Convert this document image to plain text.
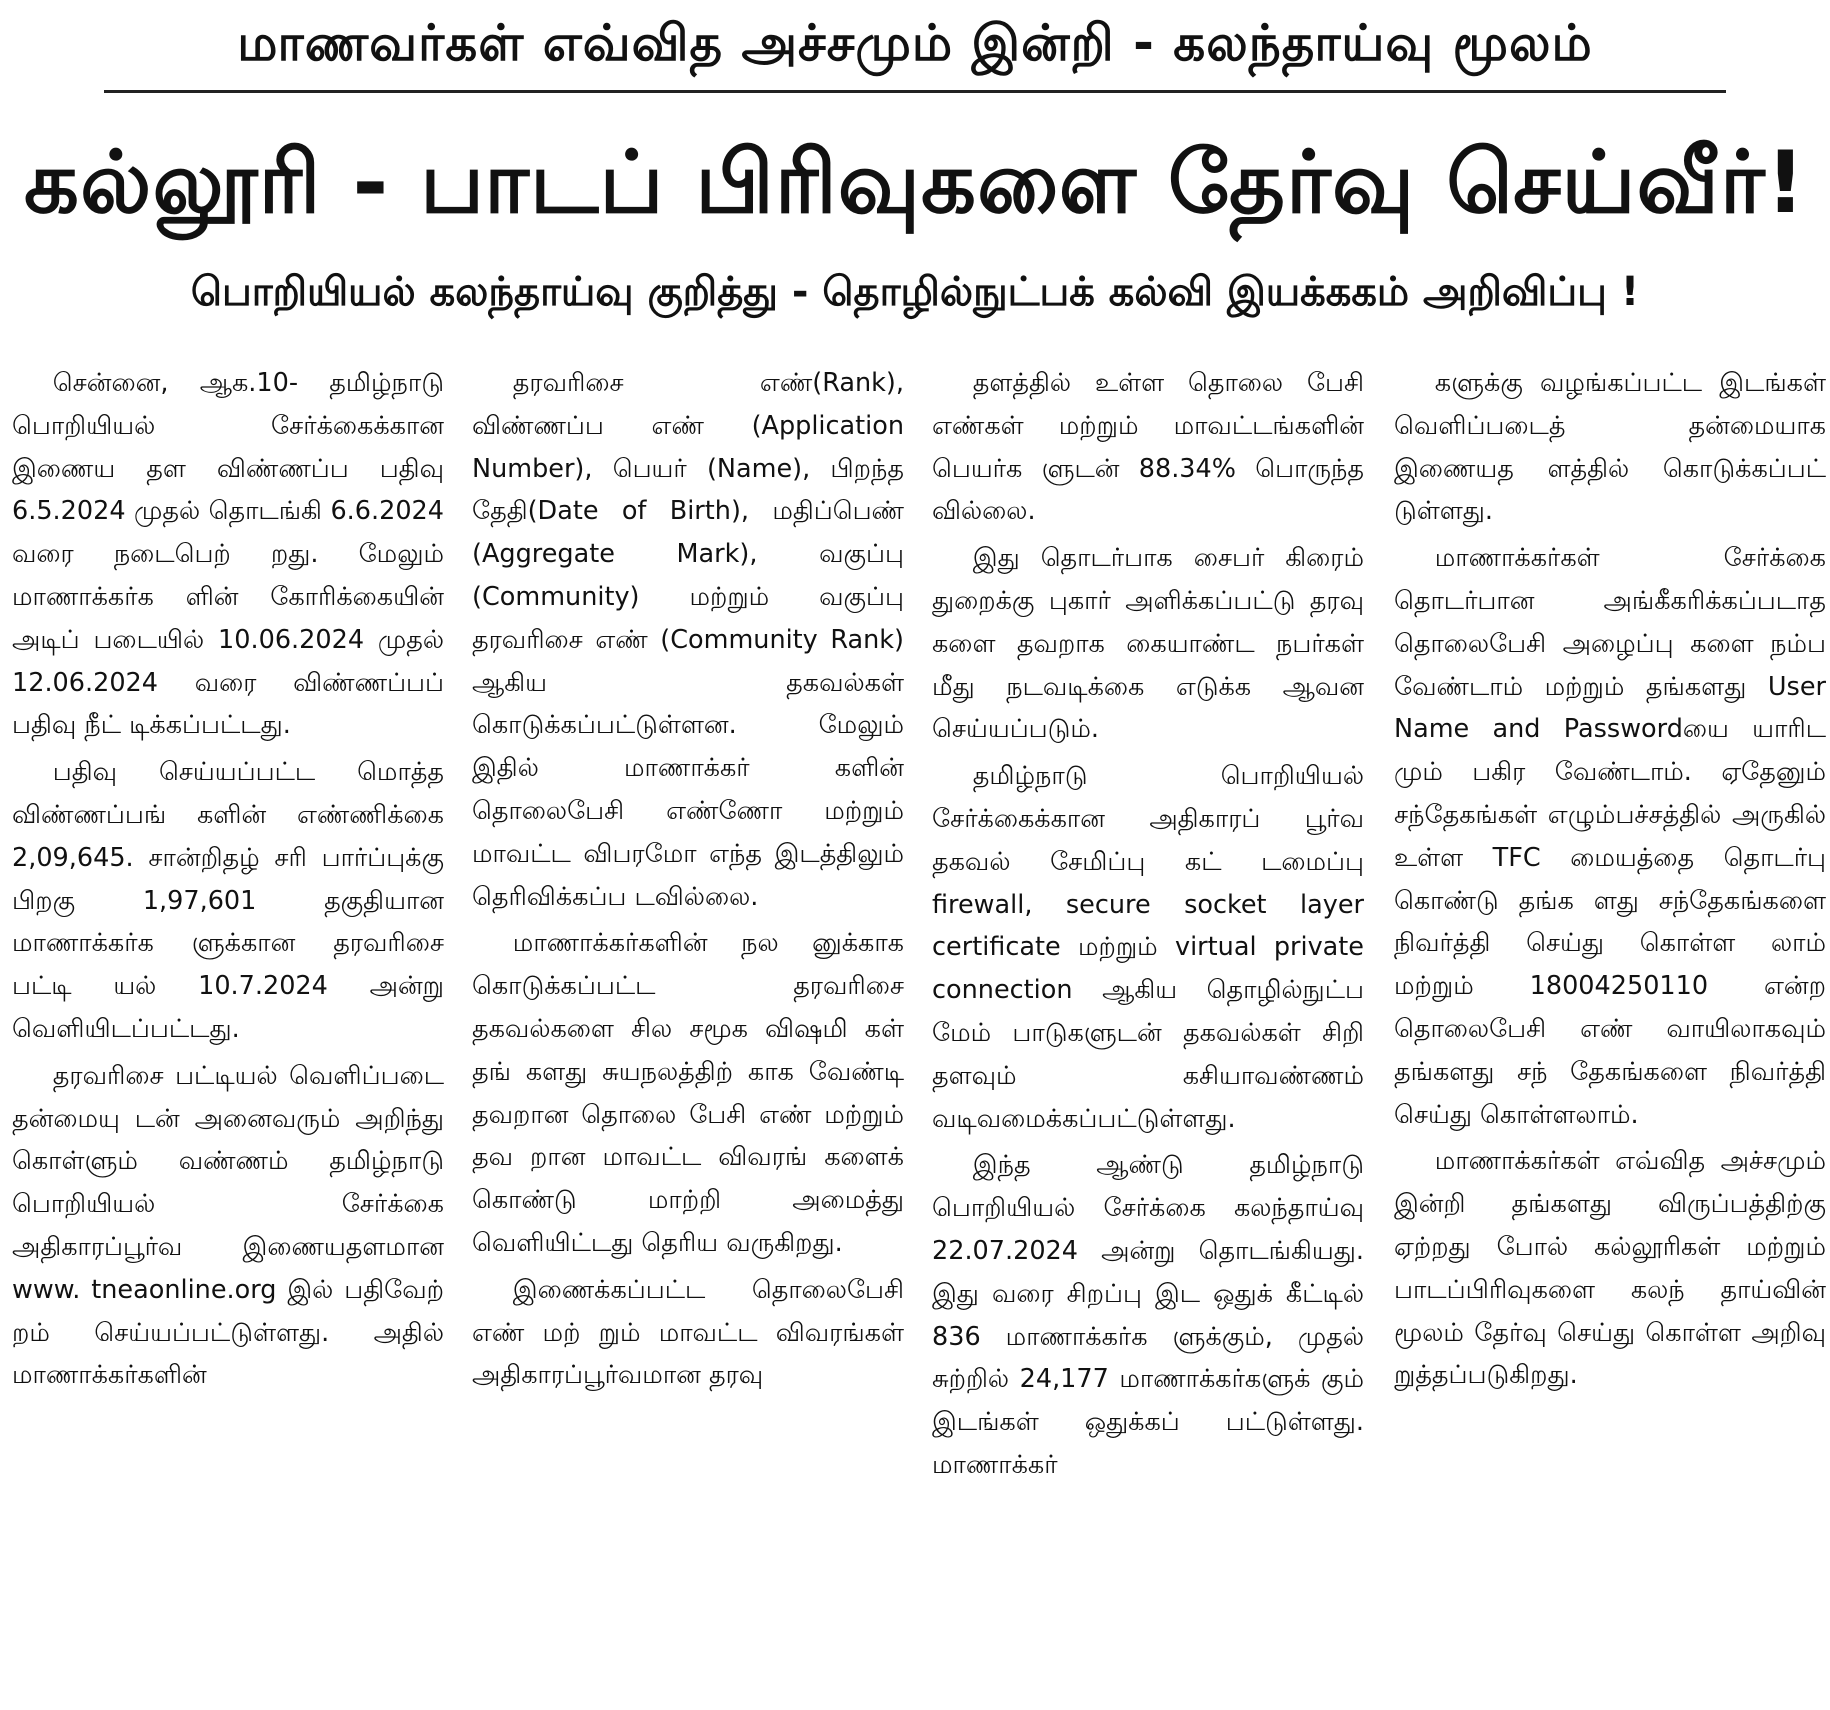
மாணவர்கள் எவ்வித அச்சமும் இன்றி - கலந்தாய்வு மூலம்
கல்லூரி - பாடப் பிரிவுகளை தேர்வு செய்வீர்!
பொறியியல் கலந்தாய்வு குறித்து - தொழில்நுட்பக் கல்வி இயக்ககம் அறிவிப்பு !

சென்னை, ஆக.10- தமிழ்நாடு பொறியியல் சேர்க்கைக்கான இணைய தள விண்ணப்ப பதிவு 6.5.2024 முதல் தொடங்கி 6.6.2024 வரை நடைபெற் றது. மேலும் மாணாக்கர்க ளின் கோரிக்கையின் அடிப் படையில் 10.06.2024 முதல் 12.06.2024 வரை விண்ணப்பப் பதிவு நீட் டிக்கப்பட்டது.

பதிவு செய்யப்பட்ட மொத்த விண்ணப்பங் களின் எண்ணிக்கை 2,09,645. சான்றிதழ் சரி பார்ப்புக்கு பிறகு 1,97,601 தகுதியான மாணாக்கர்க ளுக்கான தரவரிசை பட்டி யல் 10.7.2024 அன்று வெளியிடப்பட்டது.

தரவரிசை பட்டியல் வெளிப்படை தன்மையு டன் அனைவரும் அறிந்து கொள்ளும் வண்ணம் தமிழ்நாடு பொறியியல் சேர்க்கை அதிகாரப்பூர்வ இணையதளமான www. tneaonline.org இல் பதிவேற் றம் செய்யப்பட்டுள்ளது. அதில் மாணாக்கர்களின்

தரவரிசை எண்(Rank), விண்ணப்ப எண் (Application Number), பெயர் (Name), பிறந்த தேதி(Date of Birth), மதிப்பெண் (Aggregate Mark), வகுப்பு (Community) மற்றும் வகுப்பு தரவரிசை எண் (Community Rank) ஆகிய தகவல்கள் கொடுக்கப்பட்டுள்ளன. மேலும் இதில் மாணாக்கர் களின் தொலைபேசி எண்ணோ மற்றும் மாவட்ட விபரமோ எந்த இடத்திலும் தெரிவிக்கப்ப டவில்லை.

மாணாக்கர்களின் நல னுக்காக கொடுக்கப்பட்ட தரவரிசை தகவல்களை சில சமூக விஷமி கள் தங் களது சுயநலத்திற் காக வேண்டி தவறான தொலை பேசி எண் மற்றும் தவ றான மாவட்ட விவரங் களைக் கொண்டு மாற்றி அமைத்து வெளியிட்டது தெரிய வருகிறது.

இணைக்கப்பட்ட தொலைபேசி எண் மற் றும் மாவட்ட விவரங்கள் அதிகாரப்பூர்வமான தரவு

தளத்தில் உள்ள தொலை பேசி எண்கள் மற்றும் மாவட்டங்களின் பெயர்க ளுடன் 88.34% பொருந்த வில்லை.

இது தொடர்பாக சைபர் கிரைம் துறைக்கு புகார் அளிக்கப்பட்டு தரவு களை தவறாக கையாண்ட நபர்கள் மீது நடவடிக்கை எடுக்க ஆவன செய்யப்படும்.

தமிழ்நாடு பொறியியல் சேர்க்கைக்கான அதிகாரப் பூர்வ தகவல் சேமிப்பு கட் டமைப்பு firewall, secure socket layer certificate மற்றும் virtual private connection ஆகிய தொழில்நுட்ப மேம் பாடுகளுடன் தகவல்கள் சிறி தளவும் கசியாவண்ணம் வடிவமைக்கப்பட்டுள்ளது.

இந்த ஆண்டு தமிழ்நாடு பொறியியல் சேர்க்கை கலந்தாய்வு 22.07.2024 அன்று தொடங்கியது. இது வரை சிறப்பு இட ஒதுக் கீட்டில் 836 மாணாக்கர்க ளுக்கும், முதல் சுற்றில் 24,177 மாணாக்கர்களுக் கும் இடங்கள் ஒதுக்கப் பட்டுள்ளது. மாணாக்கர்

களுக்கு வழங்கப்பட்ட இடங்கள் வெளிப்படைத் தன்மையாக இணையத ளத்தில் கொடுக்கப்பட் டுள்ளது.

மாணாக்கர்கள் சேர்க்கை தொடர்பான அங்கீகரிக்கப்படாத தொலைபேசி அழைப்பு களை நம்ப வேண்டாம் மற்றும் தங்களது User Name and Passwordயை யாரிட மும் பகிர வேண்டாம். ஏதேனும் சந்தேகங்கள் எழும்பச்சத்தில் அருகில் உள்ள TFC மையத்தை தொடர்பு கொண்டு தங்க ளது சந்தேகங்களை நிவர்த்தி செய்து கொள்ள லாம் மற்றும் 18004250110 என்ற தொலைபேசி எண் வாயிலாகவும் தங்களது சந் தேகங்களை நிவர்த்தி செய்து கொள்ளலாம்.

மாணாக்கர்கள் எவ்வித அச்சமும் இன்றி தங்களது விருப்பத்திற்கு ஏற்றது போல் கல்லூரிகள் மற்றும் பாடப்பிரிவுகளை கலந் தாய்வின் மூலம் தேர்வு செய்து கொள்ள அறிவு றுத்தப்படுகிறது.
